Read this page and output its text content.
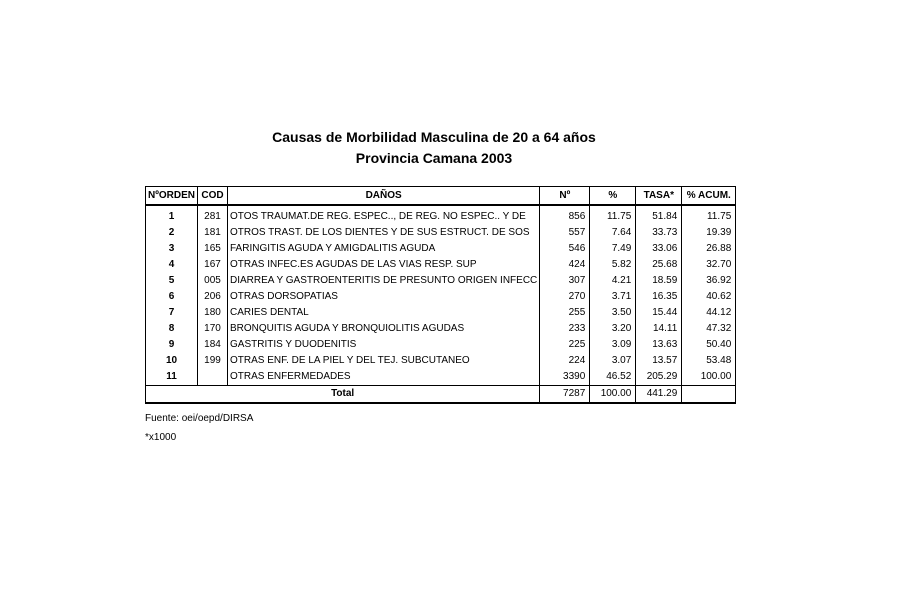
Causas de Morbilidad Masculina de 20 a 64 años
Provincia Camana 2003
NºORDEN	COD	DAÑOS	Nº	%	TASA*	% ACUM.
1	281	OTOS TRAUMAT.DE REG. ESPEC.., DE REG. NO ESPEC.. Y DE	856	11.75	51.84	11.75
2	181	OTROS TRAST. DE LOS DIENTES Y DE SUS ESTRUCT. DE SOS	557	7.64	33.73	19.39
3	165	FARINGITIS AGUDA Y AMIGDALITIS AGUDA	546	7.49	33.06	26.88
4	167	OTRAS INFEC.ES AGUDAS DE LAS VIAS RESP. SUP	424	5.82	25.68	32.70
5	005	DIARREA Y GASTROENTERITIS DE PRESUNTO ORIGEN INFECC	307	4.21	18.59	36.92
6	206	OTRAS DORSOPATIAS	270	3.71	16.35	40.62
7	180	CARIES DENTAL	255	3.50	15.44	44.12
8	170	BRONQUITIS AGUDA Y BRONQUIOLITIS AGUDAS	233	3.20	14.11	47.32
9	184	GASTRITIS Y DUODENITIS	225	3.09	13.63	50.40
10	199	OTRAS ENF. DE LA PIEL Y DEL TEJ. SUBCUTANEO	224	3.07	13.57	53.48
11		OTRAS ENFERMEDADES	3390	46.52	205.29	100.00
Total			7287	100.00	441.29	
Fuente: oei/oepd/DIRSA
*x1000
